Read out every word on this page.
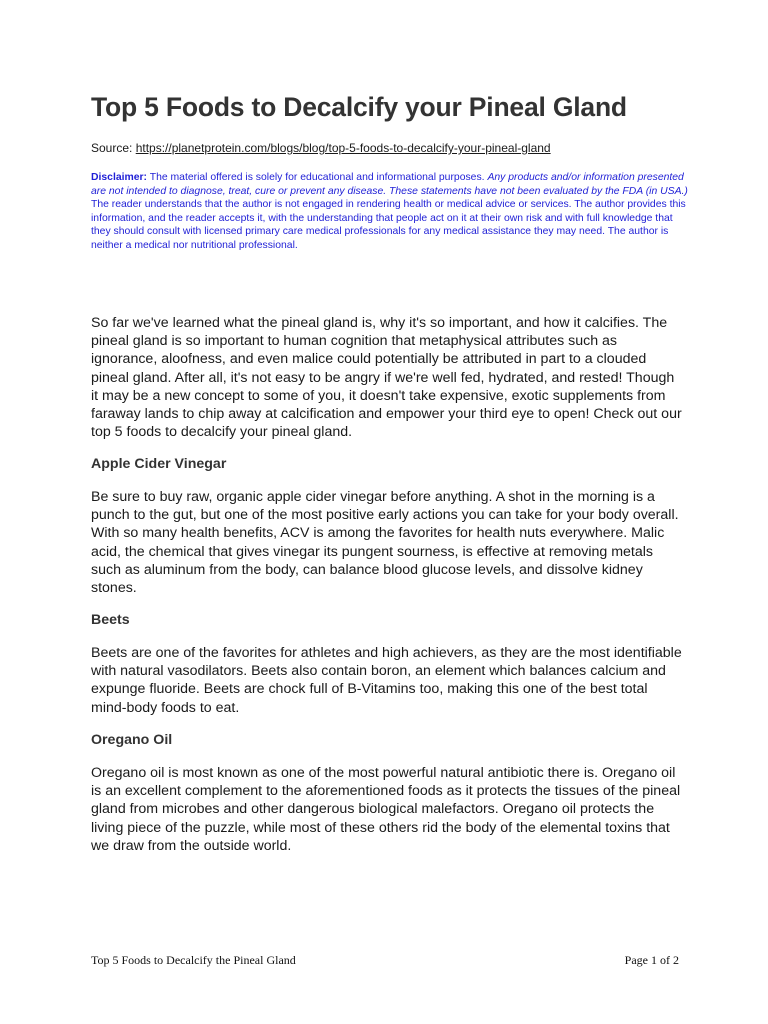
Top 5 Foods to Decalcify your Pineal Gland
Source: https://planetprotein.com/blogs/blog/top-5-foods-to-decalcify-your-pineal-gland
Disclaimer: The material offered is solely for educational and informational purposes. Any products and/or information presented are not intended to diagnose, treat, cure or prevent any disease. These statements have not been evaluated by the FDA (in USA.) The reader understands that the author is not engaged in rendering health or medical advice or services. The author provides this information, and the reader accepts it, with the understanding that people act on it at their own risk and with full knowledge that they should consult with licensed primary care medical professionals for any medical assistance they may need. The author is neither a medical nor nutritional professional.

So far we've learned what the pineal gland is, why it's so important, and how it calcifies. The pineal gland is so important to human cognition that metaphysical attributes such as ignorance, aloofness, and even malice could potentially be attributed in part to a clouded pineal gland. After all, it's not easy to be angry if we're well fed, hydrated, and rested! Though it may be a new concept to some of you, it doesn't take expensive, exotic supplements from faraway lands to chip away at calcification and empower your third eye to open! Check out our top 5 foods to decalcify your pineal gland.

Apple Cider Vinegar

Be sure to buy raw, organic apple cider vinegar before anything. A shot in the morning is a punch to the gut, but one of the most positive early actions you can take for your body overall. With so many health benefits, ACV is among the favorites for health nuts everywhere. Malic acid, the chemical that gives vinegar its pungent sourness, is effective at removing metals such as aluminum from the body, can balance blood glucose levels, and dissolve kidney stones.

Beets

Beets are one of the favorites for athletes and high achievers, as they are the most identifiable with natural vasodilators. Beets also contain boron, an element which balances calcium and expunge fluoride. Beets are chock full of B-Vitamins too, making this one of the best total mind-body foods to eat.

Oregano Oil

Oregano oil is most known as one of the most powerful natural antibiotic there is. Oregano oil is an excellent complement to the aforementioned foods as it protects the tissues of the pineal gland from microbes and other dangerous biological malefactors. Oregano oil protects the living piece of the puzzle, while most of these others rid the body of the elemental toxins that we draw from the outside world.

Top 5 Foods to Decalcify the Pineal Gland	Page 1 of 2
